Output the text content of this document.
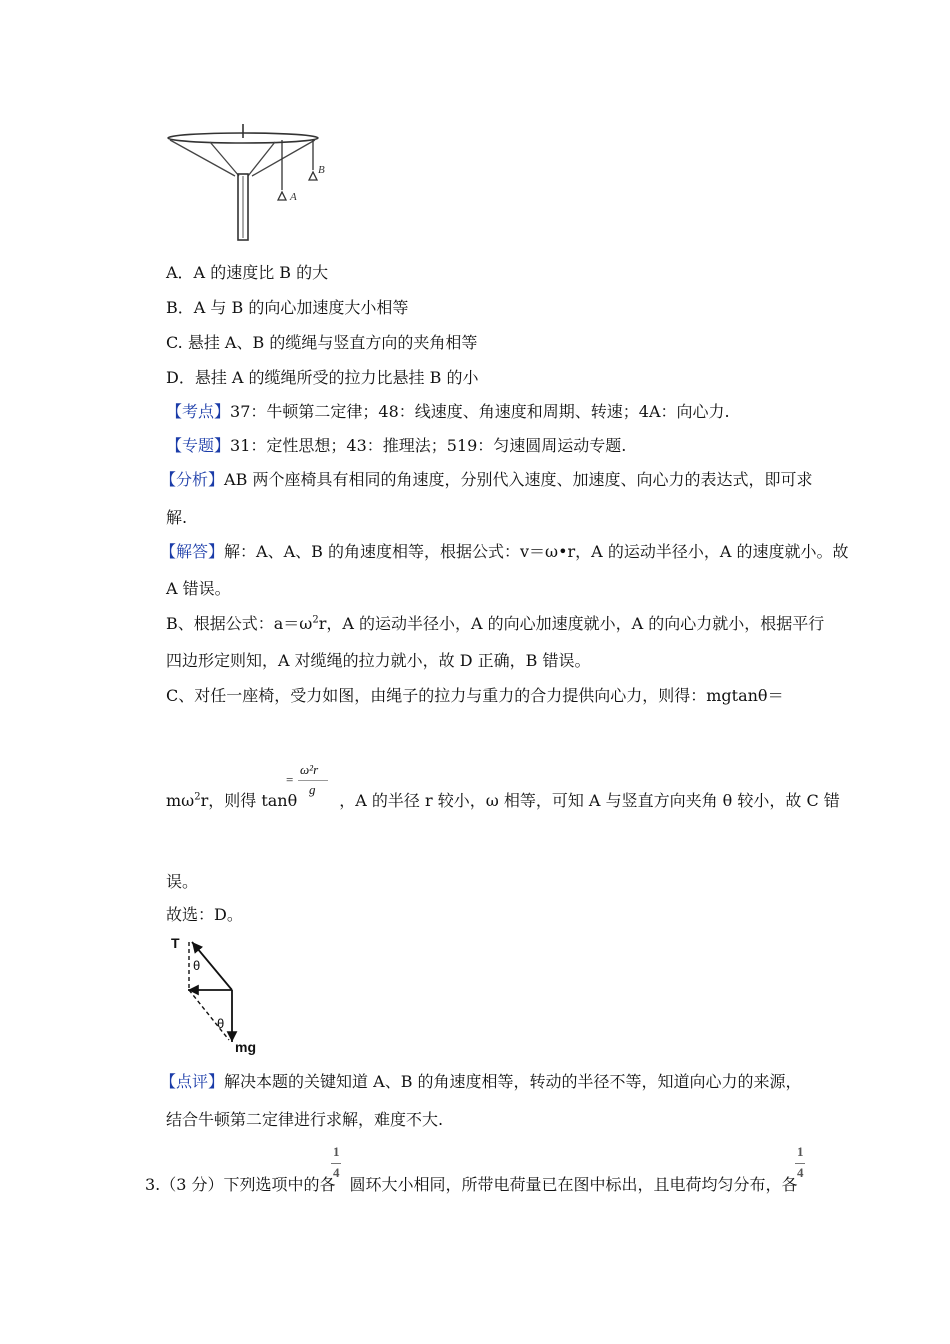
A
B
A．A 的速度比 B 的大
B．A 与 B 的向心加速度大小相等
C. 悬挂 A、B 的缆绳与竖直方向的夹角相等
D．悬挂 A 的缆绳所受的拉力比悬挂 B 的小
【考点】37：牛顿第二定律；48：线速度、角速度和周期、转速；4A：向心力.
【专题】31：定性思想；43：推理法；519：匀速圆周运动专题.
【分析】AB 两个座椅具有相同的角速度，分别代入速度、加速度、向心力的表达式，即可求
解.
【解答】解：A、A、B 的角速度相等，根据公式：v＝ω•r，A 的运动半径小，A 的速度就小。故
A 错误。
B、根据公式：$a=\omega^2r$，A 的运动半径小，A 的向心加速度就小，A 的向心力就小，根据平行
四边形定则知，A 对缆绳的拉力就小，故 D 正确，B 错误。
C、对任一座椅，受力如图，由绳子的拉力与重力的合力提供向心力，则得：mgtanθ＝
$m\omega^2r$，则得 tanθ	，A 的半径 r 较小，ω 相等，可知 A 与竖直方向夹角 θ 较小，故 C 错
=
ω²r
g
误。
故选：D。
T
θ
θ
mg
【点评】解决本题的关键知道 A、B 的角速度相等，转动的半径不等，知道向心力的来源，
结合牛顿第二定律进行求解，难度不大.
3.（3 分）下列选项中的各 圆环大小相同，所带电荷量已在图中标出，且电荷均匀分布，各
1
4
1
4
